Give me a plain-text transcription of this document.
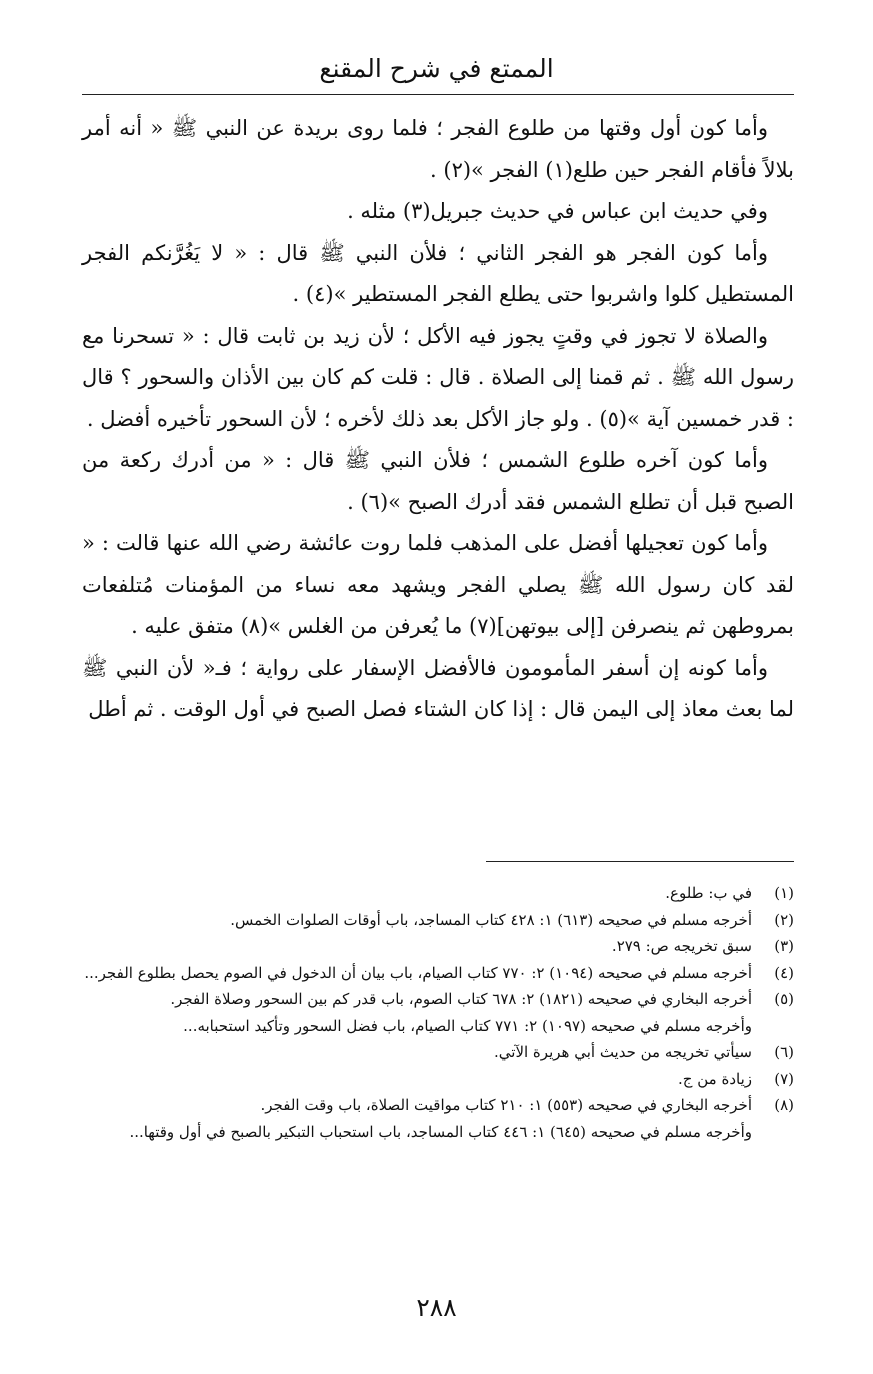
الممتع في شرح المقنع

وأما كون أول وقتها من طلوع الفجر ؛ فلما روى بريدة عن النبي ﷺ « أنه أمر بلالاً فأقام الفجر حين طلع(١) الفجر »(٢) .

وفي حديث ابن عباس في حديث جبريل(٣) مثله .

وأما كون الفجر هو الفجر الثاني ؛ فلأن النبي ﷺ قال : « لا يَغُرَّنكم الفجر المستطيل كلوا واشربوا حتى يطلع الفجر المستطير »(٤) .

والصلاة لا تجوز في وقتٍ يجوز فيه الأكل ؛ لأن زيد بن ثابت قال : « تسحرنا مع رسول الله ﷺ . ثم قمنا إلى الصلاة . قال : قلت كم كان بين الأذان والسحور ؟ قال : قدر خمسين آية »(٥) . ولو جاز الأكل بعد ذلك لأخره ؛ لأن السحور تأخيره أفضل .

وأما كون آخره طلوع الشمس ؛ فلأن النبي ﷺ قال : « من أدرك ركعة من الصبح قبل أن تطلع الشمس فقد أدرك الصبح »(٦) .

وأما كون تعجيلها أفضل على المذهب فلما روت عائشة رضي الله عنها قالت : « لقد كان رسول الله ﷺ يصلي الفجر ويشهد معه نساء من المؤمنات مُتلفعات بمروطهن ثم ينصرفن [إلى بيوتهن](٧) ما يُعرفن من الغلس »(٨) متفق عليه .

وأما كونه إن أسفر المأمومون فالأفضل الإسفار على رواية ؛ فـ« لأن النبي ﷺ لما بعث معاذ إلى اليمن قال : إذا كان الشتاء فصل الصبح في أول الوقت . ثم أطل

(١)
في ب: طلوع.
(٢)
أخرجه مسلم في صحيحه (٦١٣) ١: ٤٢٨ كتاب المساجد، باب أوقات الصلوات الخمس.
(٣)
سبق تخريجه ص: ٢٧٩.
(٤)
أخرجه مسلم في صحيحه (١٠٩٤) ٢: ٧٧٠ كتاب الصيام، باب بيان أن الدخول في الصوم يحصل بطلوع الفجر...
(٥)
أخرجه البخاري في صحيحه (١٨٢١) ٢: ٦٧٨ كتاب الصوم، باب قدر كم بين السحور وصلاة الفجر.
وأخرجه مسلم في صحيحه (١٠٩٧) ٢: ٧٧١ كتاب الصيام، باب فضل السحور وتأكيد استحبابه...
(٦)
سيأتي تخريجه من حديث أبي هريرة الآتي.
(٧)
زيادة من ج.
(٨)
أخرجه البخاري في صحيحه (٥٥٣) ١: ٢١٠ كتاب مواقيت الصلاة، باب وقت الفجر.
وأخرجه مسلم في صحيحه (٦٤٥) ١: ٤٤٦ كتاب المساجد، باب استحباب التبكير بالصبح في أول وقتها...
٢٨٨
